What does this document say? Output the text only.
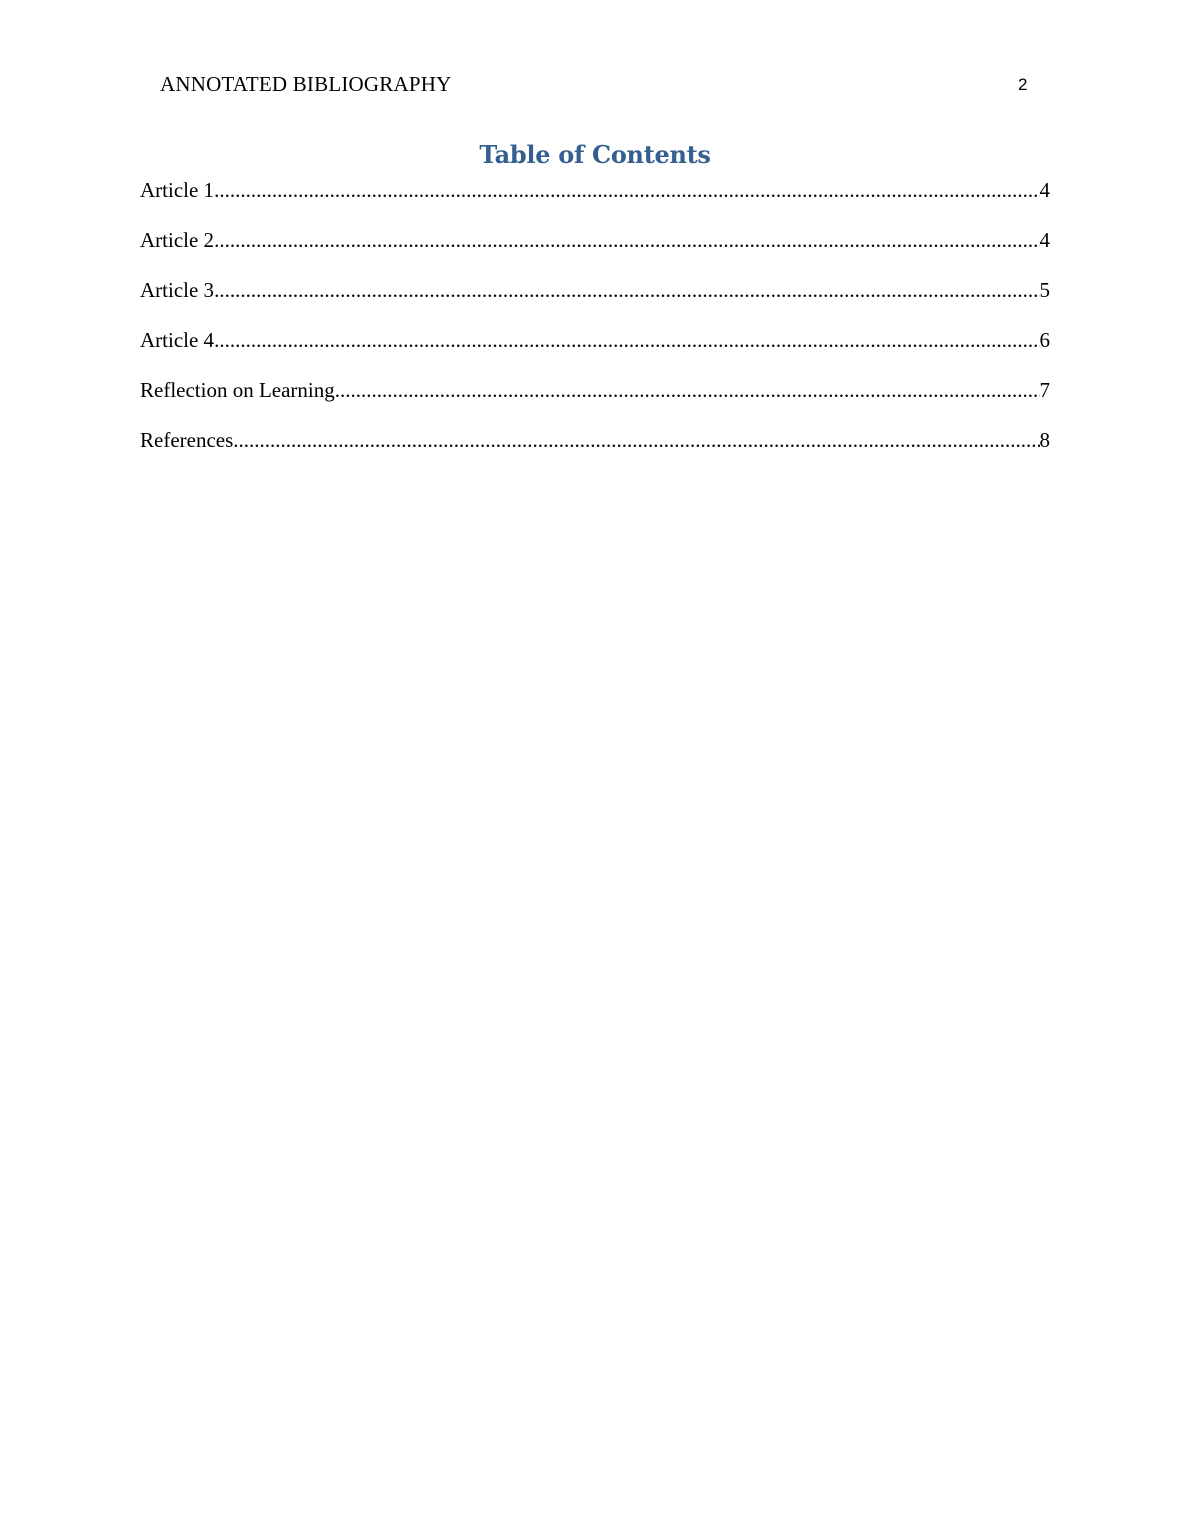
ANNOTATED BIBLIOGRAPHY	2
Table of Contents
Article 1 .....	4
Article 2 .....	4
Article 3 .....	5
Article 4 .....	6
Reflection on Learning .....	7
References .....	8
